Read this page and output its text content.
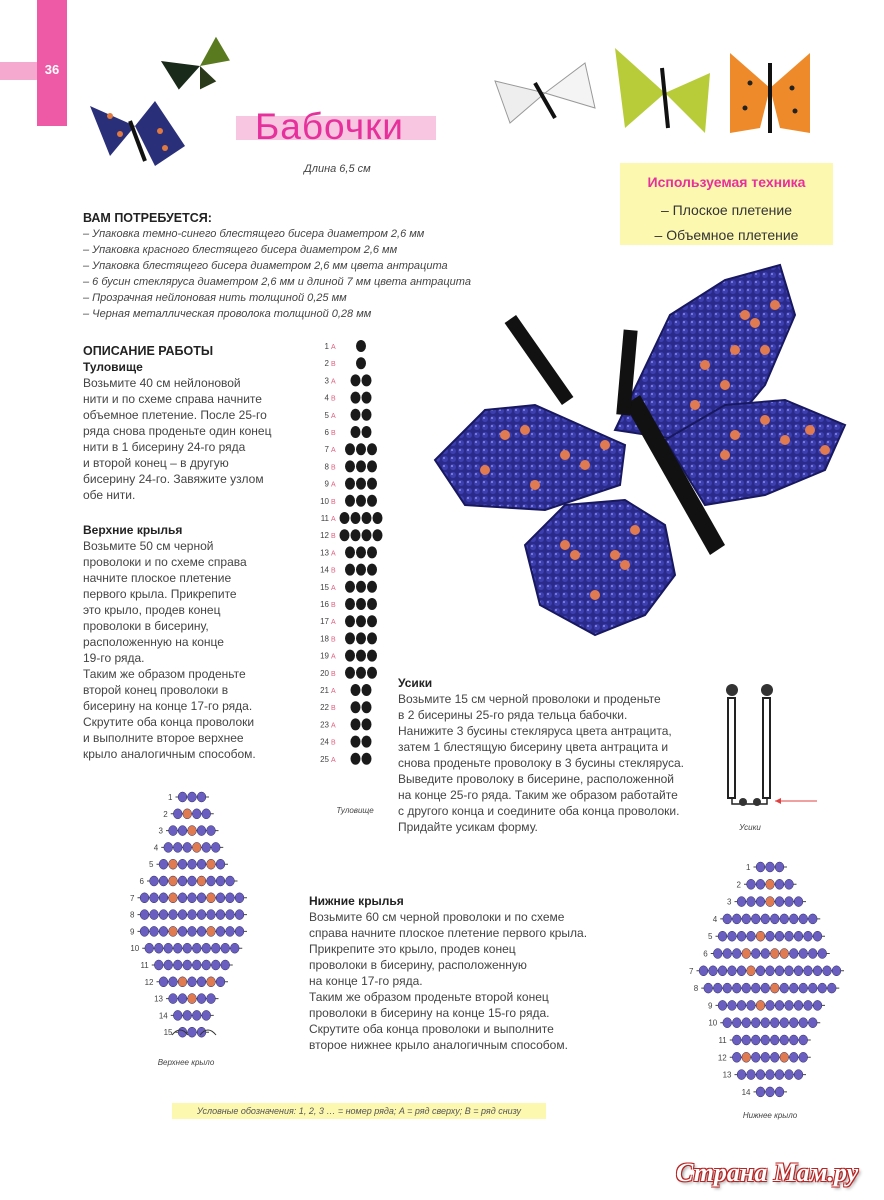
36
Бабочки
Длина 6,5 см
Используемая техника
– Плоское плетение
– Объемное плетение
ВАМ ПОТРЕБУЕТСЯ:
– Упаковка темно-синего блестящего бисера диаметром 2,6 мм
– Упаковка красного блестящего бисера диаметром 2,6 мм
– Упаковка блестящего бисера диаметром 2,6 мм цвета антрацита
– 6 бусин стекляруса диаметром 2,6 мм и длиной 7 мм цвета антрацита
– Прозрачная нейлоновая нить толщиной 0,25 мм
– Черная металлическая проволока толщиной 0,28 мм
ОПИСАНИЕ РАБОТЫ
Туловище
Возьмите 40 см нейлоновой
нити и по схеме справа начните
объемное плетение. После 25-го
ряда снова проденьте один конец
нити в 1 бисерину 24-го ряда
и второй конец – в другую
бисерину 24-го. Завяжите узлом
обе нити.
Верхние крылья
Возьмите 50 см черной
проволоки и по схеме справа
начните плоское плетение
первого крыла. Прикрепите
это крыло, продев конец
проволоки в бисерину,
расположенную на конце
19-го ряда.
Таким же образом проденьте
второй конец проволоки в
бисерину на конце 17-го ряда.
Скрутите оба конца проволоки
и выполните второе верхнее
крыло аналогичным способом.
1 A
2 B
3 A
4 B
5 A
6 B
7 A
8 B
9 A
10 B
11 A
12 B
13 A
14 B
15 A
16 B
17 A
18 B
19 A
20 B
21 A
22 B
23 A
24 B
25 A
Туловище
Усики
Возьмите 15 см черной проволоки и проденьте
в 2 бисерины 25-го ряда тельца бабочки.
Нанижите 3 бусины стекляруса цвета антрацита,
затем 1 блестящую бисерину цвета антрацита и
снова проденьте проволоку в 3 бусины стекляруса.
Выведите проволоку в бисерине, расположенной
на конце 25-го ряда. Таким же образом работайте
с другого конца и соедините оба конца проволоки.
Придайте усикам форму.	Усики
1
2
3
4
5
6
7
8
9
10
11
12
13
14
15
Верхнее крыло
Нижние крылья
Возьмите 60 см черной проволоки и по схеме
справа начните плоское плетение первого крыла.
Прикрепите это крыло, продев конец
проволоки в бисерину, расположенную
на конце 17-го ряда.
Таким же образом проденьте второй конец
проволоки в бисерину на конце 15-го ряда.
Скрутите оба конца проволоки и выполните
второе нижнее крыло аналогичным способом.
1
2
3
4
5
6
7
8
9
10
11
12
13
14
Нижнее крыло
Условные обозначения: 1, 2, 3 … = номер ряда; A = ряд сверху; B = ряд снизу
Страна Мам.ру
